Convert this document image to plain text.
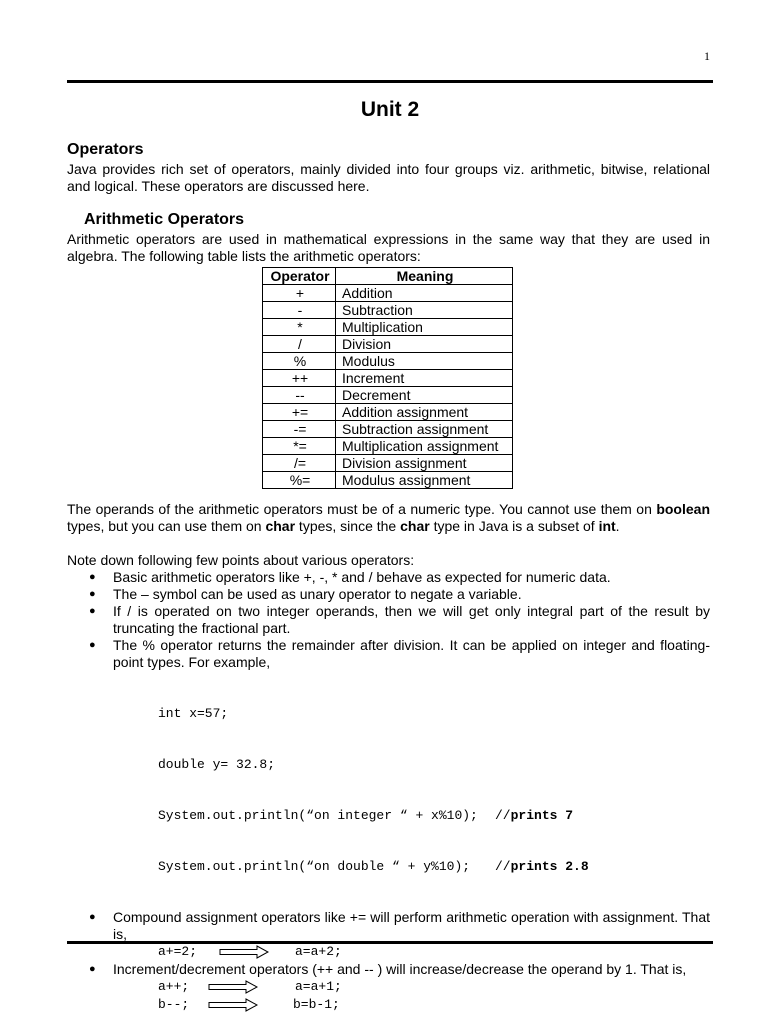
1
Unit 2
Operators

Java provides rich set of operators, mainly divided into four groups viz. arithmetic, bitwise, relational and logical. These operators are discussed here.

Arithmetic Operators

Arithmetic operators are used in mathematical expressions in the same way that they are used in algebra. The following table lists the arithmetic operators:

Operator	Meaning
+	Addition
-	Subtraction
*	Multiplication
/	Division
%	Modulus
++	Increment
--	Decrement
+=	Addition assignment
-=	Subtraction assignment
*=	Multiplication assignment
/=	Division assignment
%=	Modulus assignment

The operands of the arithmetic operators must be of a numeric type. You cannot use them on boolean types, but you can use them on char types, since the char type in Java is a subset of int.

Note down following few points about various operators:

● Basic arithmetic operators like +, -, * and / behave as expected for numeric data.
● The – symbol can be used as unary operator to negate a variable.
● If / is operated on two integer operands, then we will get only integral part of the result by truncating the fractional part.
● The % operator returns the remainder after division. It can be applied on integer and floating-point types. For example,

int x=57;

double y= 32.8;

System.out.println(“on integer “ + x%10); //prints 7

System.out.println(“on double “ + y%10); //prints 2.8

● Compound assignment operators like += will perform arithmetic operation with assignment. That is,
a+=2;	a=a+2;
● Increment/decrement operators (++ and -- ) will increase/decrease the operand by 1. That is,
a++;	a=a+1;
b--;	b=b-1;
